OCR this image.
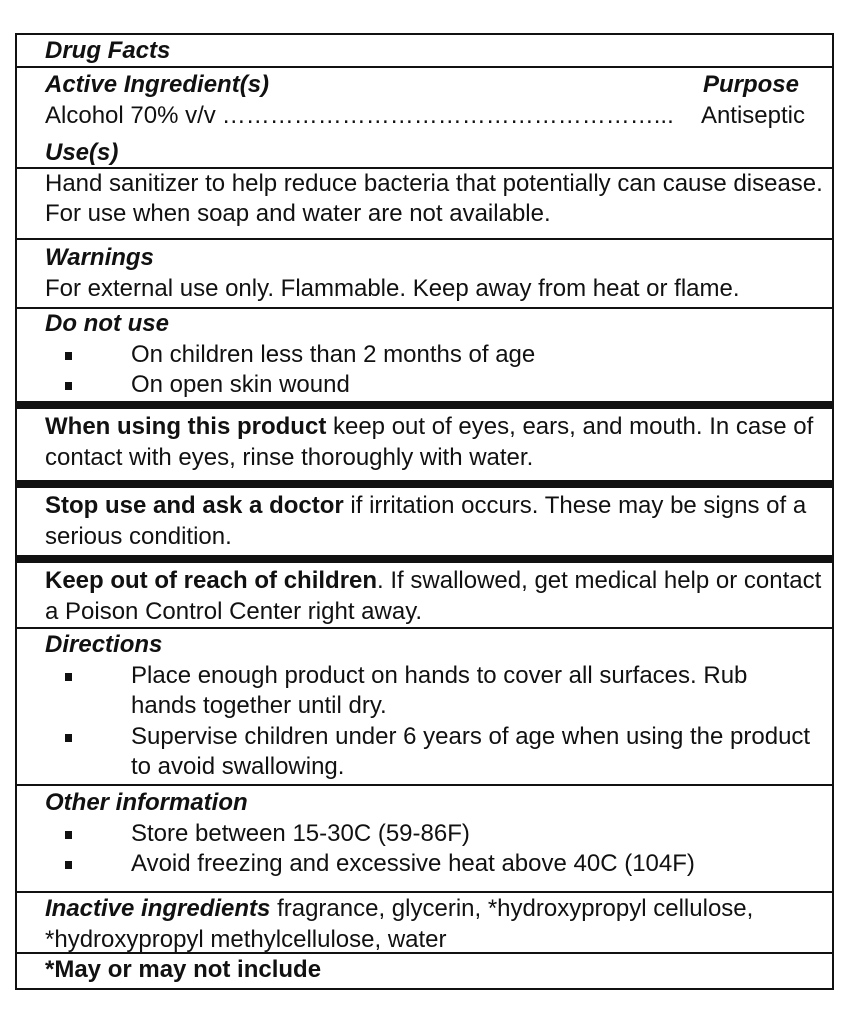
Drug Facts
Active Ingredient(s)	Purpose
Alcohol 70% v/v ………………………………………………...	Antiseptic
Use(s)
Hand sanitizer to help reduce bacteria that potentially can cause disease. For use when soap and water are not available.
Warnings
For external use only. Flammable. Keep away from heat or flame.
Do not use
On children less than 2 months of age
On open skin wound
When using this product keep out of eyes, ears, and mouth. In case of contact with eyes, rinse thoroughly with water.
Stop use and ask a doctor if irritation occurs. These may be signs of a serious condition.
Keep out of reach of children. If swallowed, get medical help or contact a Poison Control Center right away.
Directions
Place enough product on hands to cover all surfaces. Rub hands together until dry.
Supervise children under 6 years of age when using the product to avoid swallowing.
Other information
Store between 15-30C (59-86F)
Avoid freezing and excessive heat above 40C (104F)
Inactive ingredients fragrance, glycerin, *hydroxypropyl cellulose, *hydroxypropyl methylcellulose, water
*May or may not include
